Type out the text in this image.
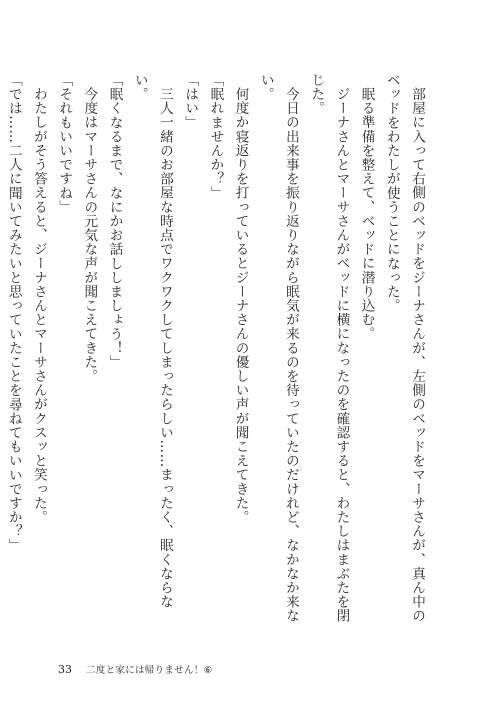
部屋に入って右側のベッドをジーナさんが、左側のベッドをマーサさんが、真ん中のベッドをわたしが使うことになった。

眠る準備を整えて、ベッドに潜り込む。

ジーナさんとマーサさんがベッドに横になったのを確認すると、わたしはまぶたを閉じた。

今日の出来事を振り返りながら眠気が来るのを待っていたのだけれど、なかなか来ない。

何度か寝返りを打っているとジーナさんの優しい声が聞こえてきた。

「眠れませんか？」

「はい」

三人一緒のお部屋な時点でワクワクしてしまったらしい……まったく、眠くならない。

「眠くなるまで、なにかお話ししましょう！」

今度はマーサさんの元気な声が聞こえてきた。

「それもいいですね」

わたしがそう答えると、ジーナさんとマーサさんがクスッと笑った。

「では……二人に聞いてみたいと思っていたことを尋ねてもいいですか？」

33 二度と家には帰りません！⑥
